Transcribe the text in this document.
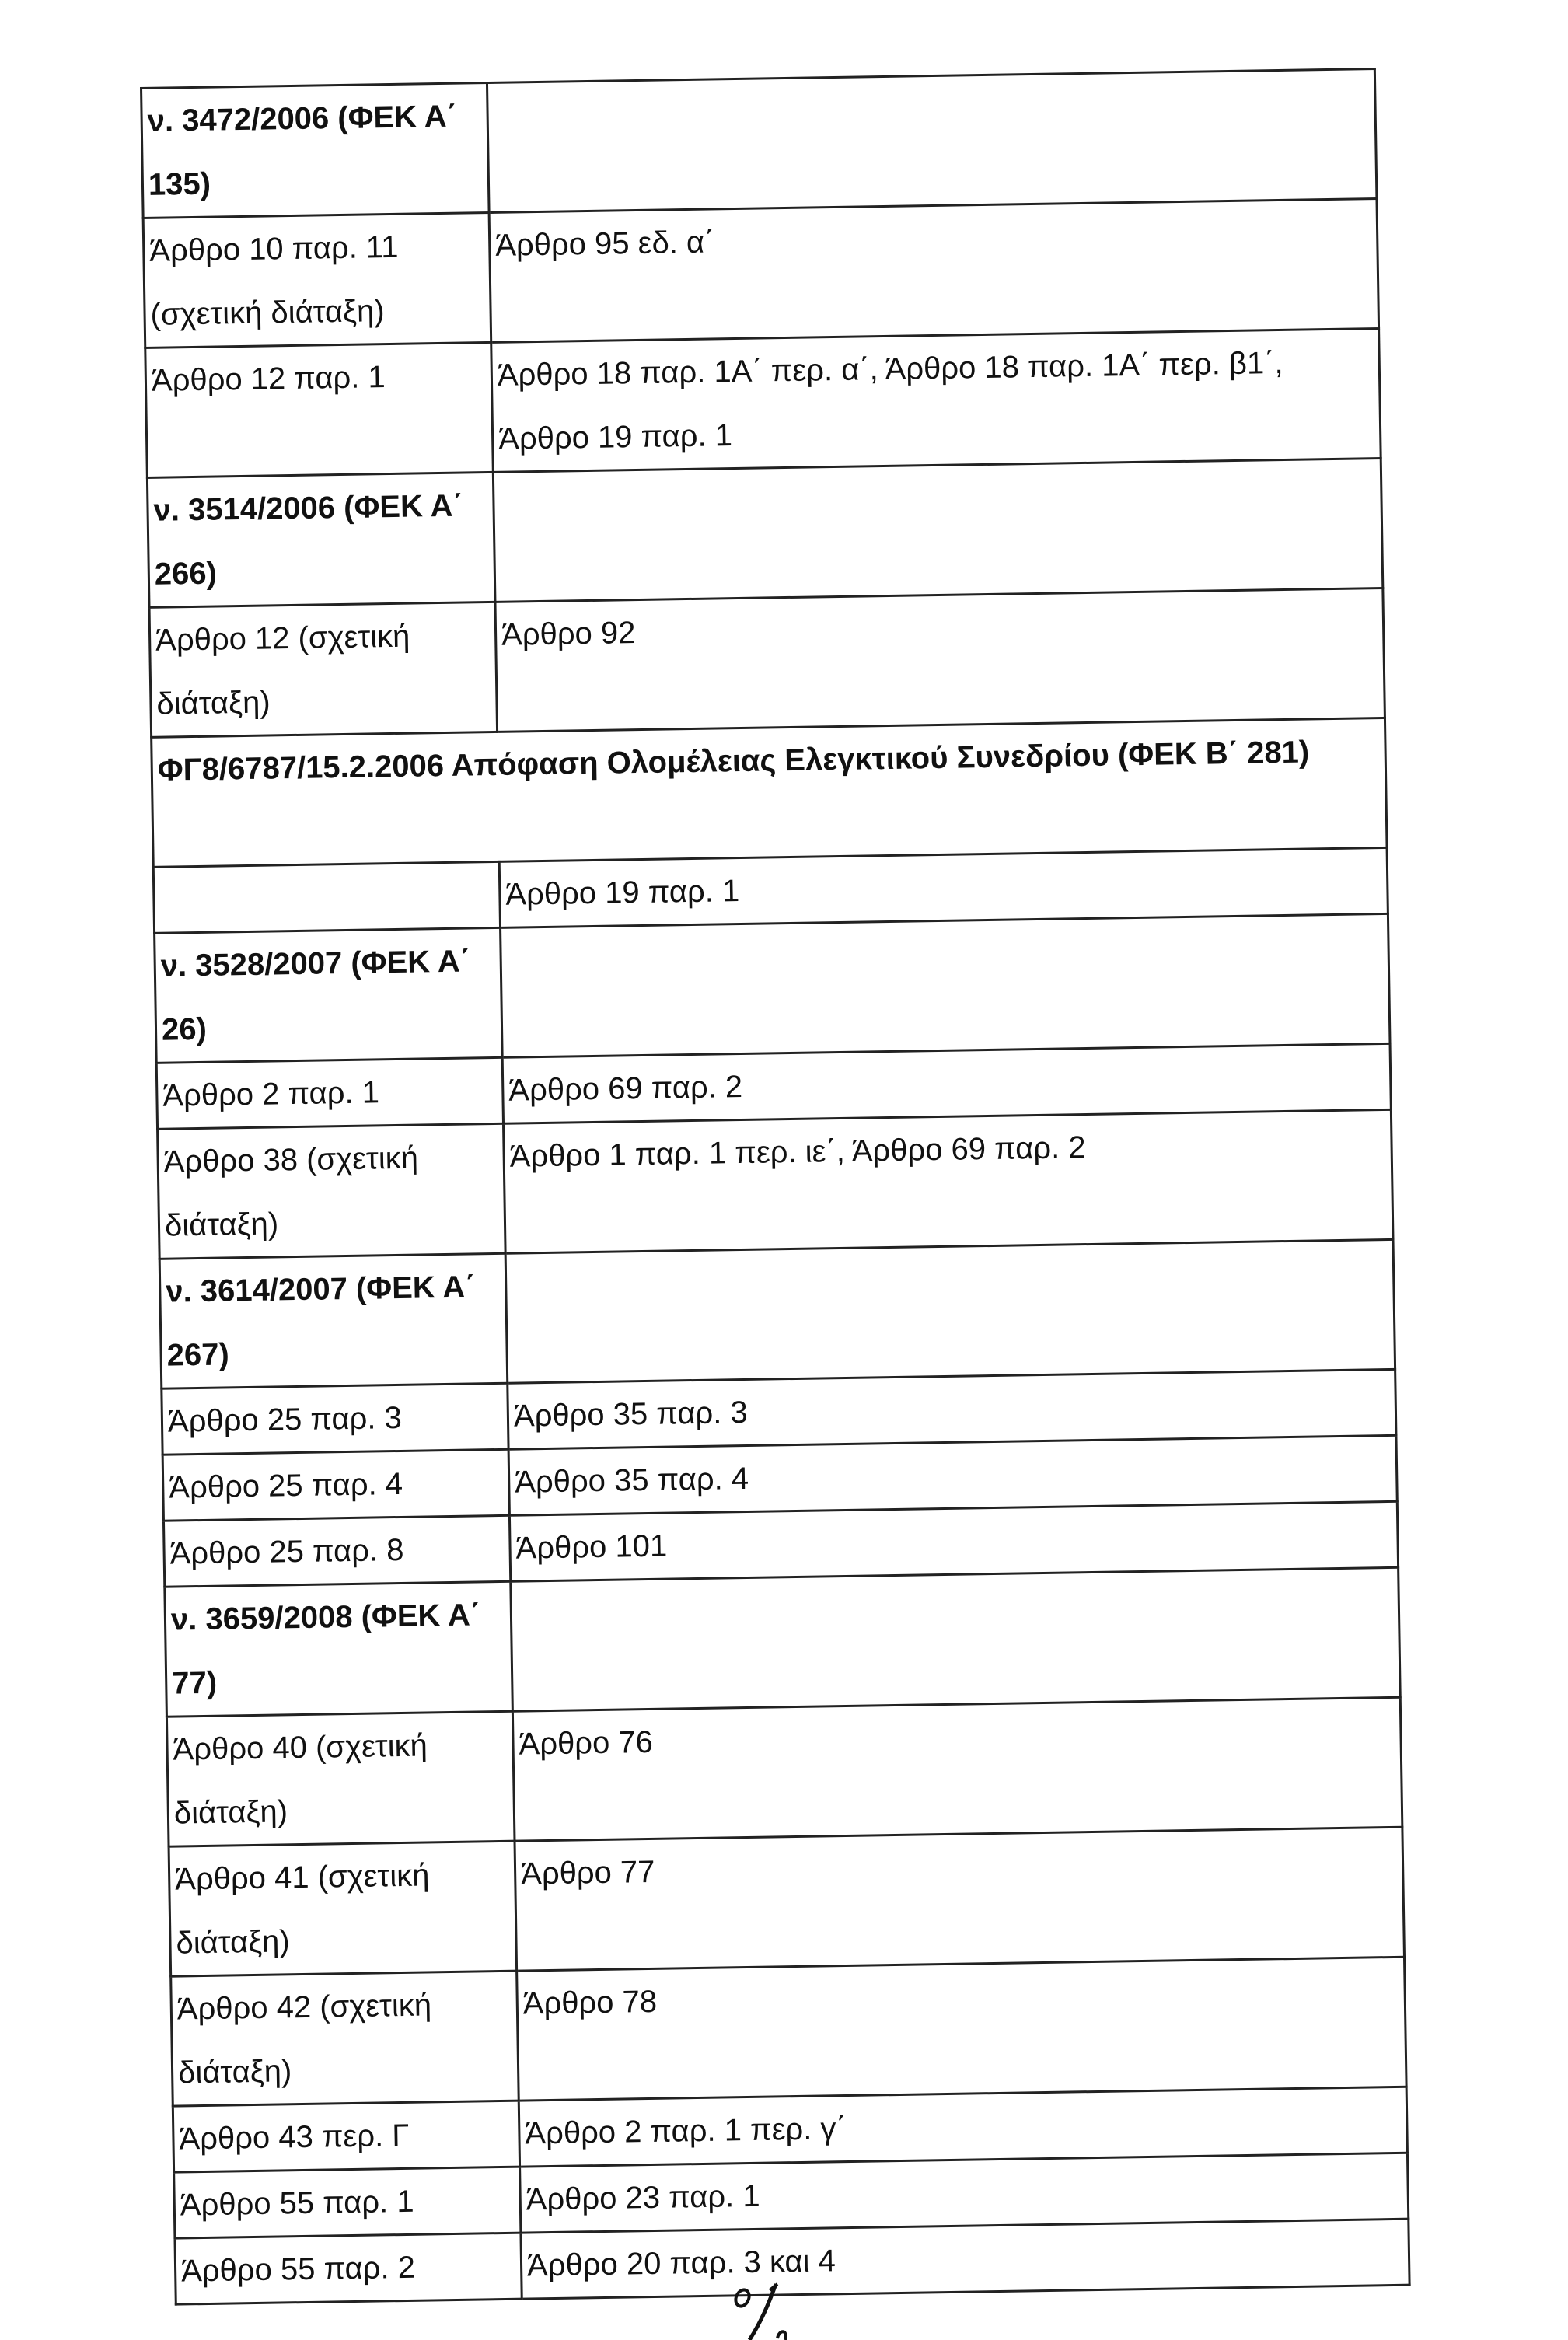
ν. 3472/2006 (ΦΕΚ Α΄ 135)	
Άρθρο 10 παρ. 11 (σχετική διάταξη)	Άρθρο 95 εδ. α΄
Άρθρο 12 παρ. 1	Άρθρο 18 παρ. 1Α΄ περ. α΄, Άρθρο 18 παρ. 1Α΄ περ. β1΄, Άρθρο 19 παρ. 1
ν. 3514/2006 (ΦΕΚ Α΄ 266)	
Άρθρο 12 (σχετική διάταξη)	Άρθρο 92
ΦΓ8/6787/15.2.2006 Απόφαση Ολομέλειας Ελεγκτικού Συνεδρίου (ΦΕΚ Β΄ 281)	
	Άρθρο 19 παρ. 1
ν. 3528/2007 (ΦΕΚ Α΄ 26)	
Άρθρο 2 παρ. 1	Άρθρο 69 παρ. 2
Άρθρο 38 (σχετική διάταξη)	Άρθρο 1 παρ. 1 περ. ιε΄, Άρθρο 69 παρ. 2
ν. 3614/2007 (ΦΕΚ Α΄ 267)	
Άρθρο 25 παρ. 3	Άρθρο 35 παρ. 3
Άρθρο 25 παρ. 4	Άρθρο 35 παρ. 4
Άρθρο 25 παρ. 8	Άρθρο 101
ν. 3659/2008 (ΦΕΚ Α΄ 77)	
Άρθρο 40 (σχετική διάταξη)	Άρθρο 76
Άρθρο 41 (σχετική διάταξη)	Άρθρο 77
Άρθρο 42 (σχετική διάταξη)	Άρθρο 78
Άρθρο 43 περ. Γ	Άρθρο 2 παρ. 1 περ. γ΄
Άρθρο 55 παρ. 1	Άρθρο 23 παρ. 1
Άρθρο 55 παρ. 2	Άρθρο 20 παρ. 3 και 4
